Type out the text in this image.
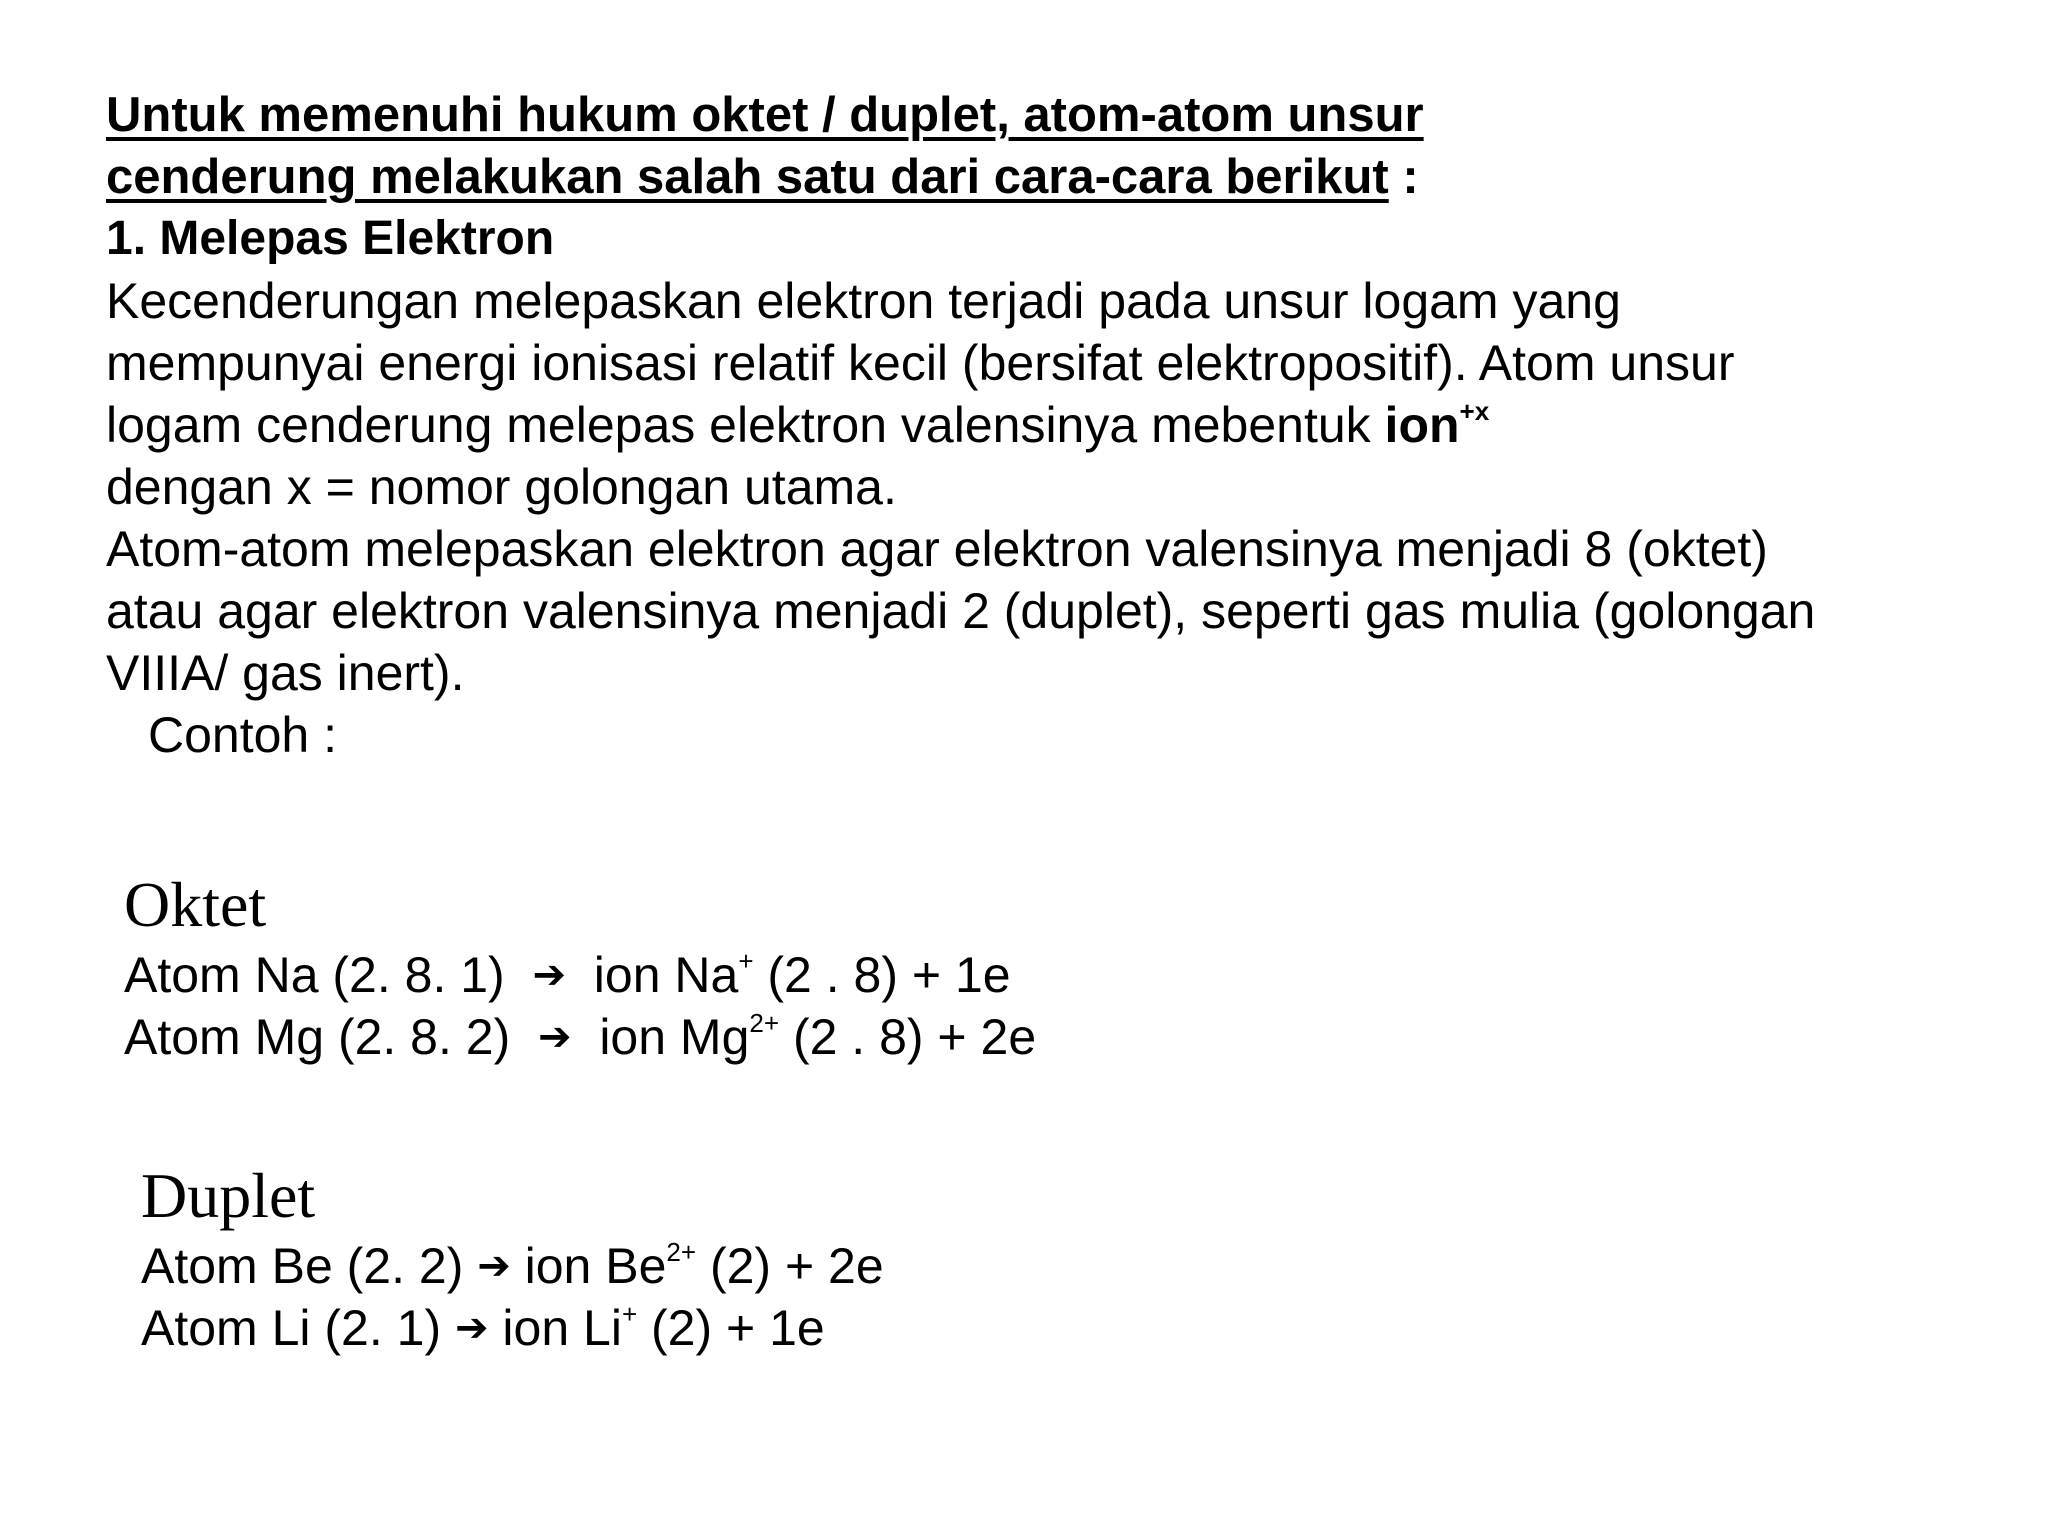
Untuk memenuhi hukum oktet / duplet, atom-atom unsur
cenderung melakukan salah satu dari cara-cara berikut :
1. Melepas Elektron
Kecenderungan melepaskan elektron terjadi pada unsur logam yang
mempunyai energi ionisasi relatif kecil (bersifat elektropositif). Atom unsur
logam cenderung melepas elektron valensinya mebentuk ion$^{+x}$
dengan x = nomor golongan utama.
Atom-atom melepaskan elektron agar elektron valensinya menjadi 8 (oktet)
atau agar elektron valensinya menjadi 2 (duplet), seperti gas mulia (golongan
VIIIA/ gas inert).
Contoh :
Oktet
Atom Na (2. 8. 1)  ➔  ion Na+ (2 . 8) + 1e
Atom Mg (2. 8. 2)  ➔  ion $Mg^{2+}$ (2 . 8) + 2e
Duplet
Atom Be (2. 2) ➔ ion $Be^{2+}$ (2) + 2e
Atom Li (2. 1) ➔ ion Li+ (2) + 1e
